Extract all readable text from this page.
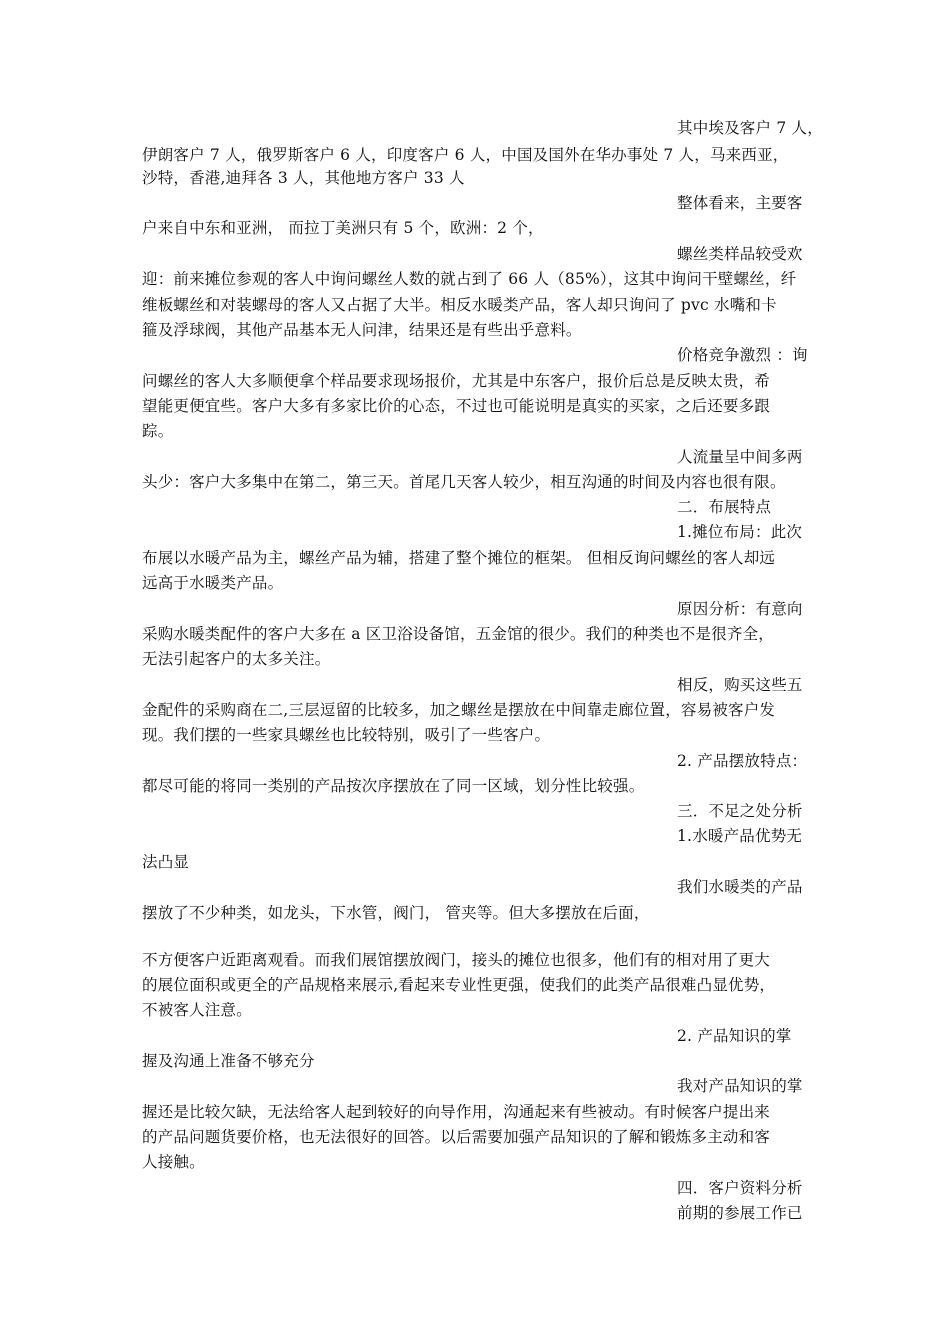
其中埃及客户 7 人，
伊朗客户 7 人，俄罗斯客户 6 人，印度客户 6 人，中国及国外在华办事处 7 人，马来西亚，
沙特，香港,迪拜各 3 人，其他地方客户 33 人
整体看来，主要客
户来自中东和亚洲， 而拉丁美洲只有 5 个，欧洲：2 个，
螺丝类样品较受欢
迎：前来摊位参观的客人中询问螺丝人数的就占到了 66 人（85%），这其中询问干壁螺丝，纤
维板螺丝和对装螺母的客人又占据了大半。相反水暖类产品，客人却只询问了 pvc 水嘴和卡
箍及浮球阀，其他产品基本无人问津，结果还是有些出乎意料。
价格竞争激烈 ：询
问螺丝的客人大多顺便拿个样品要求现场报价，尤其是中东客户，报价后总是反映太贵，希
望能更便宜些。客户大多有多家比价的心态，不过也可能说明是真实的买家，之后还要多跟
踪。
人流量呈中间多两
头少：客户大多集中在第二，第三天。首尾几天客人较少，相互沟通的时间及内容也很有限。
二．布展特点
1.摊位布局：此次
布展以水暖产品为主，螺丝产品为辅，搭建了整个摊位的框架。 但相反询问螺丝的客人却远
远高于水暖类产品。
原因分析：有意向
采购水暖类配件的客户大多在 a 区卫浴设备馆，五金馆的很少。我们的种类也不是很齐全，
无法引起客户的太多关注。
相反，购买这些五
金配件的采购商在二,三层逗留的比较多，加之螺丝是摆放在中间靠走廊位置，容易被客户发
现。我们摆的一些家具螺丝也比较特别，吸引了一些客户。
2. 产品摆放特点：
都尽可能的将同一类别的产品按次序摆放在了同一区域，划分性比较强。
三．不足之处分析
1.水暖产品优势无
法凸显
我们水暖类的产品
摆放了不少种类，如龙头，下水管，阀门， 管夹等。但大多摆放在后面，
不方便客户近距离观看。而我们展馆摆放阀门，接头的摊位也很多，他们有的相对用了更大
的展位面积或更全的产品规格来展示,看起来专业性更强，使我们的此类产品很难凸显优势，
不被客人注意。
2. 产品知识的掌
握及沟通上准备不够充分
我对产品知识的掌
握还是比较欠缺，无法给客人起到较好的向导作用，沟通起来有些被动。有时候客户提出来
的产品问题货要价格，也无法很好的回答。以后需要加强产品知识的了解和锻炼多主动和客
人接触。
四．客户资料分析
前期的参展工作已
